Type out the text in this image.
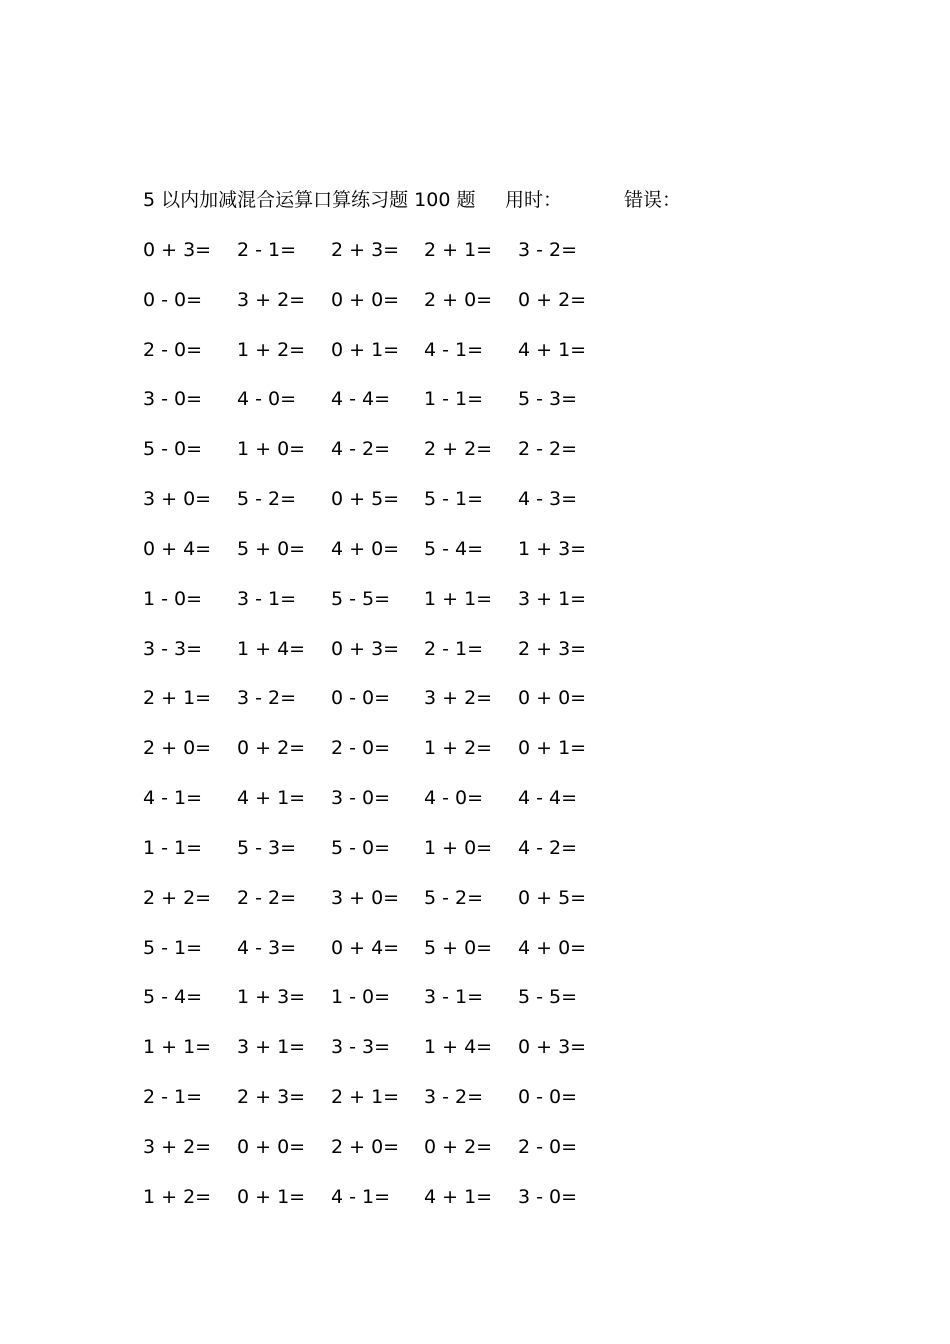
5 以内加减混合运算口算练习题 100 题 用时：	错误：
0 + 3= 2 - 1= 2 + 3= 2 + 1= 3 - 2=
0 - 0= 3 + 2= 0 + 0= 2 + 0= 0 + 2=
2 - 0= 1 + 2= 0 + 1= 4 - 1= 4 + 1=
3 - 0= 4 - 0= 4 - 4= 1 - 1= 5 - 3=
5 - 0= 1 + 0= 4 - 2= 2 + 2= 2 - 2=
3 + 0= 5 - 2= 0 + 5= 5 - 1= 4 - 3=
0 + 4= 5 + 0= 4 + 0= 5 - 4= 1 + 3=
1 - 0= 3 - 1= 5 - 5= 1 + 1= 3 + 1=
3 - 3= 1 + 4= 0 + 3= 2 - 1= 2 + 3=
2 + 1= 3 - 2= 0 - 0= 3 + 2= 0 + 0=
2 + 0= 0 + 2= 2 - 0= 1 + 2= 0 + 1=
4 - 1= 4 + 1= 3 - 0= 4 - 0= 4 - 4=
1 - 1= 5 - 3= 5 - 0= 1 + 0= 4 - 2=
2 + 2= 2 - 2= 3 + 0= 5 - 2= 0 + 5=
5 - 1= 4 - 3= 0 + 4= 5 + 0= 4 + 0=
5 - 4= 1 + 3= 1 - 0= 3 - 1= 5 - 5=
1 + 1= 3 + 1= 3 - 3= 1 + 4= 0 + 3=
2 - 1= 2 + 3= 2 + 1= 3 - 2= 0 - 0=
3 + 2= 0 + 0= 2 + 0= 0 + 2= 2 - 0=
1 + 2= 0 + 1= 4 - 1= 4 + 1= 3 - 0=
